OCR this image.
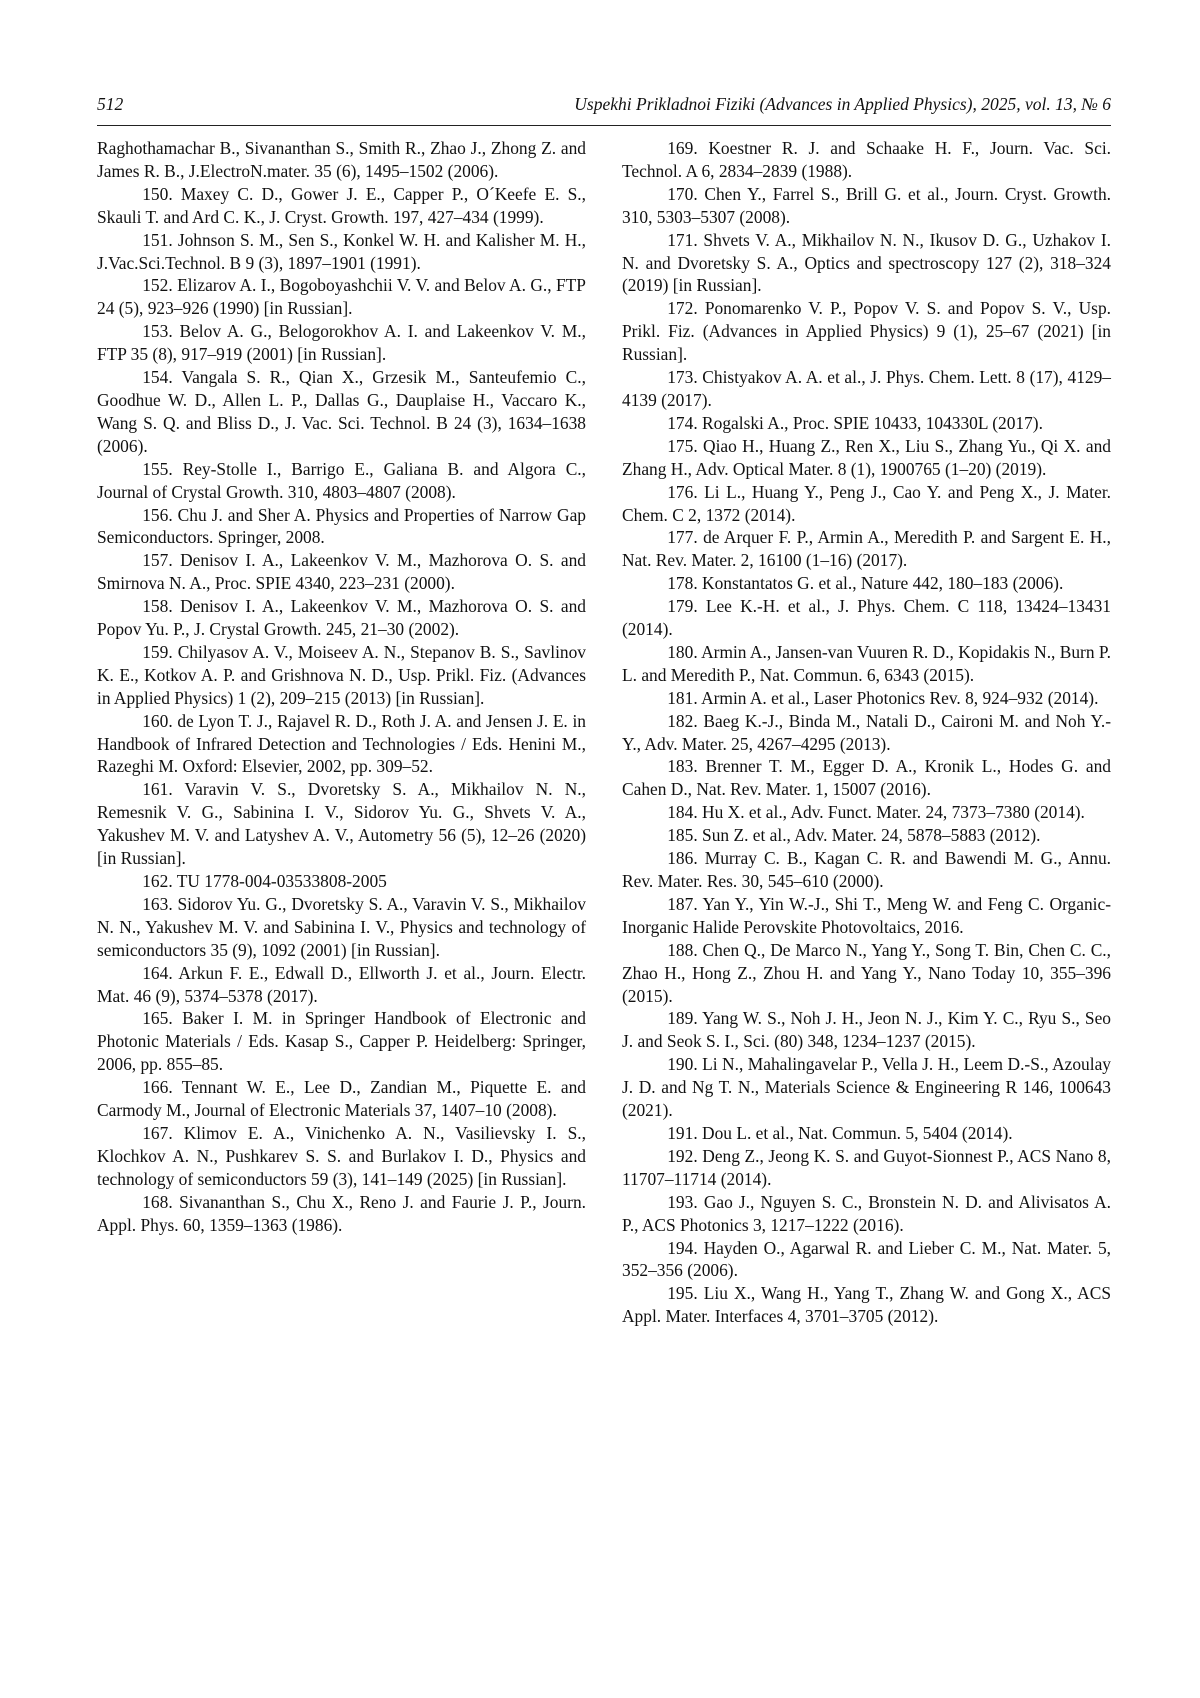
512	Uspekhi Prikladnoi Fiziki (Advances in Applied Physics), 2025, vol. 13, № 6

Raghothamachar B., Sivananthan S., Smith R., Zhao J., Zhong Z. and James R. B., J.ElectroN.mater. 35 (6), 1495–1502 (2006).

150. Maxey C. D., Gower J. E., Capper P., O´Keefe E. S., Skauli T. and Ard C. K., J. Cryst. Growth. 197, 427–434 (1999).

151. Johnson S. M., Sen S., Konkel W. H. and Kalisher M. H., J.Vac.Sci.Technol. B 9 (3), 1897–1901 (1991).

152. Elizarov A. I., Bogoboyashchii V. V. and Belov A. G., FTP 24 (5), 923–926 (1990) [in Russian].

153. Belov A. G., Belogorokhov A. I. and Lakeenkov V. M., FTP 35 (8), 917–919 (2001) [in Russian].

154. Vangala S. R., Qian X., Grzesik M., Santeufemio C., Goodhue W. D., Allen L. P., Dallas G., Dauplaise H., Vaccaro K., Wang S. Q. and Bliss D., J. Vac. Sci. Technol. B 24 (3), 1634–1638 (2006).

155. Rey-Stolle I., Barrigo E., Galiana B. and Algora C., Journal of Crystal Growth. 310, 4803–4807 (2008).

156. Chu J. and Sher A. Physics and Properties of Narrow Gap Semiconductors. Springer, 2008.

157. Denisov I. A., Lakeenkov V. M., Mazhorova O. S. and Smirnova N. A., Proc. SPIE 4340, 223–231 (2000).

158. Denisov I. A., Lakeenkov V. M., Mazhorova O. S. and Popov Yu. P., J. Crystal Growth. 245, 21–30 (2002).

159. Chilyasov A. V., Moiseev A. N., Stepanov B. S., Savlinov K. E., Kotkov A. P. and Grishnova N. D., Usp. Prikl. Fiz. (Advances in Applied Physics) 1 (2), 209–215 (2013) [in Russian].

160. de Lyon T. J., Rajavel R. D., Roth J. A. and Jensen J. E. in Handbook of Infrared Detection and Technologies / Eds. Henini M., Razeghi M. Oxford: Elsevier, 2002, pp. 309–52.

161. Varavin V. S., Dvoretsky S. A., Mikhailov N. N., Remesnik V. G., Sabinina I. V., Sidorov Yu. G., Shvets V. A., Yakushev M. V. and Latyshev A. V., Autometry 56 (5), 12–26 (2020) [in Russian].

162. TU 1778-004-03533808-2005

163. Sidorov Yu. G., Dvoretsky S. A., Varavin V. S., Mikhailov N. N., Yakushev M. V. and Sabinina I. V., Physics and technology of semiconductors 35 (9), 1092 (2001) [in Russian].

164. Arkun F. E., Edwall D., Ellworth J. et al., Journ. Electr. Mat. 46 (9), 5374–5378 (2017).

165. Baker I. M. in Springer Handbook of Electronic and Photonic Materials / Eds. Kasap S., Capper P. Heidelberg: Springer, 2006, pp. 855–85.

166. Tennant W. E., Lee D., Zandian M., Piquette E. and Carmody M., Journal of Electronic Materials 37, 1407–10 (2008).

167. Klimov E. A., Vinichenko A. N., Vasilievsky I. S., Klochkov A. N., Pushkarev S. S. and Burlakov I. D., Physics and technology of semiconductors 59 (3), 141–149 (2025) [in Russian].

168. Sivananthan S., Chu X., Reno J. and Faurie J. P., Journ. Appl. Phys. 60, 1359–1363 (1986).

169. Koestner R. J. and Schaake H. F., Journ. Vac. Sci. Technol. A 6, 2834–2839 (1988).

170. Chen Y., Farrel S., Brill G. et al., Journ. Cryst. Growth. 310, 5303–5307 (2008).

171. Shvets V. A., Mikhailov N. N., Ikusov D. G., Uzhakov I. N. and Dvoretsky S. A., Optics and spectroscopy 127 (2), 318–324 (2019) [in Russian].

172. Ponomarenko V. P., Popov V. S. and Popov S. V., Usp. Prikl. Fiz. (Advances in Applied Physics) 9 (1), 25–67 (2021) [in Russian].

173. Chistyakov A. A. et al., J. Phys. Chem. Lett. 8 (17), 4129–4139 (2017).

174. Rogalski A., Proc. SPIE 10433, 104330L (2017).

175. Qiao H., Huang Z., Ren X., Liu S., Zhang Yu., Qi X. and Zhang H., Adv. Optical Mater. 8 (1), 1900765 (1–20) (2019).

176. Li L., Huang Y., Peng J., Cao Y. and Peng X., J. Mater. Chem. C 2, 1372 (2014).

177. de Arquer F. P., Armin A., Meredith P. and Sargent E. H., Nat. Rev. Mater. 2, 16100 (1–16) (2017).

178. Konstantatos G. et al., Nature 442, 180–183 (2006).

179. Lee K.-H. et al., J. Phys. Chem. C 118, 13424–13431 (2014).

180. Armin A., Jansen-van Vuuren R. D., Kopidakis N., Burn P. L. and Meredith P., Nat. Commun. 6, 6343 (2015).

181. Armin A. et al., Laser Photonics Rev. 8, 924–932 (2014).

182. Baeg K.-J., Binda M., Natali D., Caironi M. and Noh Y.-Y., Adv. Mater. 25, 4267–4295 (2013).

183. Brenner T. M., Egger D. A., Kronik L., Hodes G. and Cahen D., Nat. Rev. Mater. 1, 15007 (2016).

184. Hu X. et al., Adv. Funct. Mater. 24, 7373–7380 (2014).

185. Sun Z. et al., Adv. Mater. 24, 5878–5883 (2012).

186. Murray C. B., Kagan C. R. and Bawendi M. G., Annu. Rev. Mater. Res. 30, 545–610 (2000).

187. Yan Y., Yin W.-J., Shi T., Meng W. and Feng C. Organic-Inorganic Halide Perovskite Photovoltaics, 2016.

188. Chen Q., De Marco N., Yang Y., Song T. Bin, Chen C. C., Zhao H., Hong Z., Zhou H. and Yang Y., Nano Today 10, 355–396 (2015).

189. Yang W. S., Noh J. H., Jeon N. J., Kim Y. C., Ryu S., Seo J. and Seok S. I., Sci. (80) 348, 1234–1237 (2015).

190. Li N., Mahalingavelar P., Vella J. H., Leem D.-S., Azoulay J. D. and Ng T. N., Materials Science & Engineering R 146, 100643 (2021).

191. Dou L. et al., Nat. Commun. 5, 5404 (2014).

192. Deng Z., Jeong K. S. and Guyot-Sionnest P., ACS Nano 8, 11707–11714 (2014).

193. Gao J., Nguyen S. C., Bronstein N. D. and Alivisatos A. P., ACS Photonics 3, 1217–1222 (2016).

194. Hayden O., Agarwal R. and Lieber C. M., Nat. Mater. 5, 352–356 (2006).

195. Liu X., Wang H., Yang T., Zhang W. and Gong X., ACS Appl. Mater. Interfaces 4, 3701–3705 (2012).
